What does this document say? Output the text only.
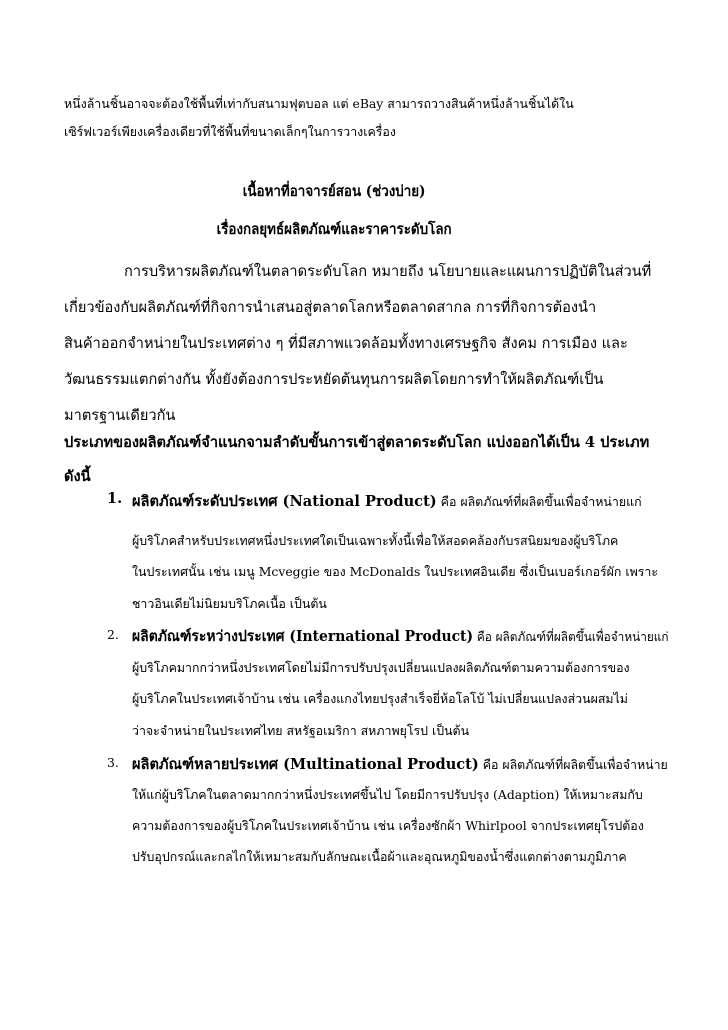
หนึ่งล้านชิ้นอาจจะต้องใช้พื้นที่เท่ากับสนามฟุตบอล แต่ eBay สามารถวางสินค้าหนึ่งล้านชิ้นได้ใน
เซิร์ฟเวอร์เพียงเครื่องเดียวที่ใช้พื้นที่ขนาดเล็กๆในการวางเครื่อง
เนื้อหาที่อาจารย์สอน (ช่วงบ่าย)
เรื่องกลยุทธ์ผลิตภัณฑ์และราคาระดับโลก
การบริหารผลิตภัณฑ์ในตลาดระดับโลก หมายถึง นโยบายและแผนการปฏิบัติในส่วนที่
เกี่ยวข้องกับผลิตภัณฑ์ที่กิจการนำเสนอสู่ตลาดโลกหรือตลาดสากล การที่กิจการต้องนำ
สินค้าออกจำหน่ายในประเทศต่าง ๆ ที่มีสภาพแวดล้อมทั้งทางเศรษฐกิจ สังคม การเมือง และ
วัฒนธรรมแตกต่างกัน ทั้งยังต้องการประหยัดต้นทุนการผลิตโดยการทำให้ผลิตภัณฑ์เป็น
มาตรฐานเดียวกัน
ประเภทของผลิตภัณฑ์จำแนกจามลำดับขั้นการเข้าสู่ตลาดระดับโลก แบ่งออกได้เป็น 4 ประเภท
ดังนี้
1. ผลิตภัณฑ์ระดับประเทศ (National Product) คือ ผลิตภัณฑ์ที่ผลิตขึ้นเพื่อจำหน่ายแก่
ผู้บริโภคสำหรับประเทศหนึ่งประเทศใดเป็นเฉพาะทั้งนี้เพื่อให้สอดคล้องกับรสนิยมของผู้บริโภค
ในประเทศนั้น เช่น เมนู Mcveggie ของ McDonalds ในประเทศอินเดีย ซึ่งเป็นเบอร์เกอร์ผัก เพราะ
ชาวอินเดียไม่นิยมบริโภคเนื้อ เป็นต้น
2. ผลิตภัณฑ์ระหว่างประเทศ (International Product) คือ ผลิตภัณฑ์ที่ผลิตขึ้นเพื่อจำหน่ายแก่
ผู้บริโภคมากกว่าหนึ่งประเทศโดยไม่มีการปรับปรุงเปลี่ยนแปลงผลิตภัณฑ์ตามความต้องการของ
ผู้บริโภคในประเทศเจ้าบ้าน เช่น เครื่องแกงไทยปรุงสำเร็จยี่ห้อโลโบ้ ไม่เปลี่ยนแปลงส่วนผสมไม่
ว่าจะจำหน่ายในประเทศไทย สหรัฐอเมริกา สหภาพยุโรป เป็นต้น
3. ผลิตภัณฑ์หลายประเทศ (Multinational Product) คือ ผลิตภัณฑ์ที่ผลิตขึ้นเพื่อจำหน่าย
ให้แก่ผู้บริโภคในตลาดมากกว่าหนึ่งประเทศขึ้นไป โดยมีการปรับปรุง (Adaption) ให้เหมาะสมกับ
ความต้องการของผู้บริโภคในประเทศเจ้าบ้าน เช่น เครื่องซักผ้า Whirlpool จากประเทศยุโรปต้อง
ปรับอุปกรณ์และกลไกให้เหมาะสมกับลักษณะเนื้อผ้าและอุณหภูมิของน้ำซึ่งแตกต่างตามภูมิภาค
